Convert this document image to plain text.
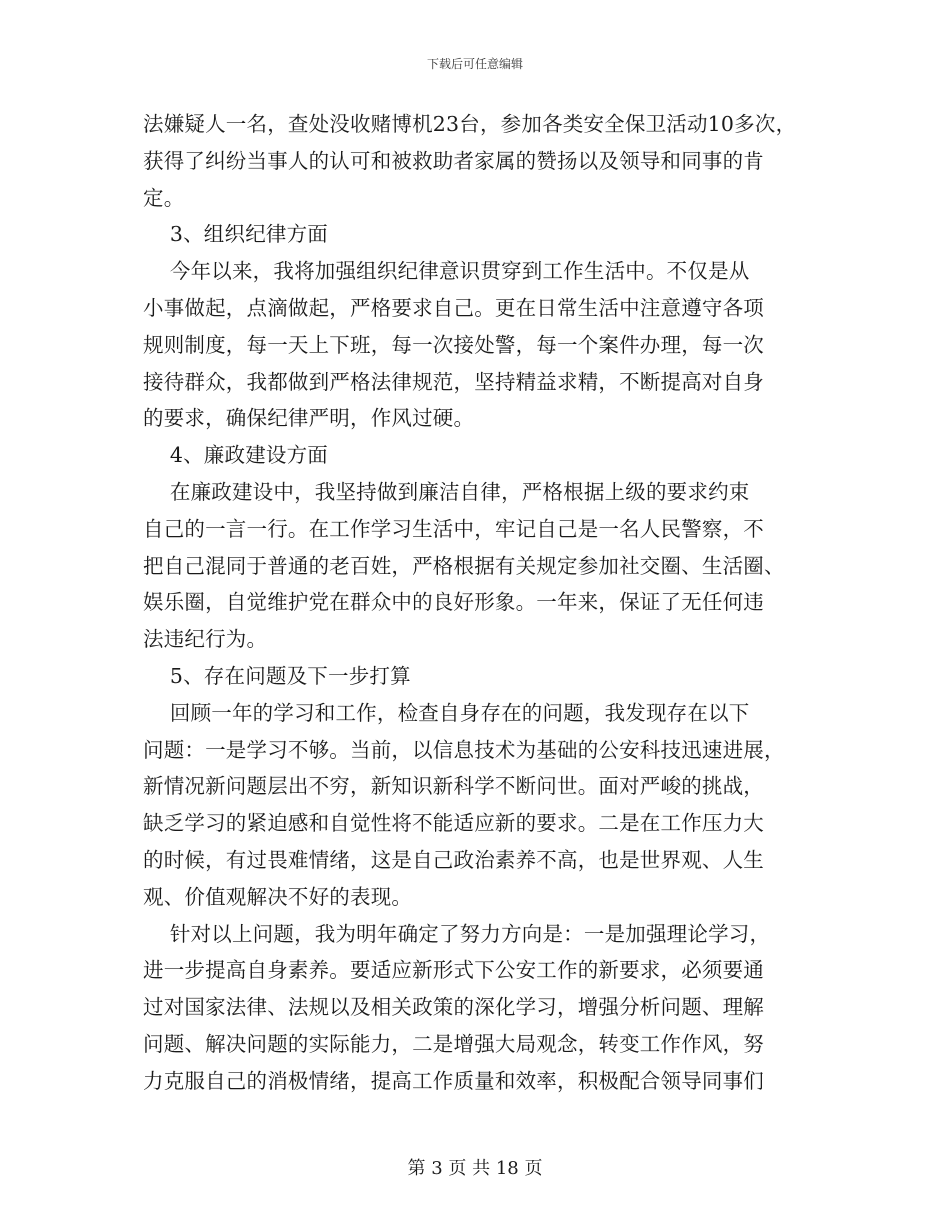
下载后可任意编辑
法嫌疑人一名，查处没收赌博机23台，参加各类安全保卫活动10多次，
获得了纠纷当事人的认可和被救助者家属的赞扬以及领导和同事的肯
定。
3、组织纪律方面
今年以来，我将加强组织纪律意识贯穿到工作生活中。不仅是从
小事做起，点滴做起，严格要求自己。更在日常生活中注意遵守各项
规则制度，每一天上下班，每一次接处警，每一个案件办理，每一次
接待群众，我都做到严格法律规范，坚持精益求精，不断提高对自身
的要求，确保纪律严明，作风过硬。
4、廉政建设方面
在廉政建设中，我坚持做到廉洁自律，严格根据上级的要求约束
自己的一言一行。在工作学习生活中，牢记自己是一名人民警察，不
把自己混同于普通的老百姓，严格根据有关规定参加社交圈、生活圈、
娱乐圈，自觉维护党在群众中的良好形象。一年来，保证了无任何违
法违纪行为。
5、存在问题及下一步打算
回顾一年的学习和工作，检查自身存在的问题，我发现存在以下
问题：一是学习不够。当前，以信息技术为基础的公安科技迅速进展，
新情况新问题层出不穷，新知识新科学不断问世。面对严峻的挑战，
缺乏学习的紧迫感和自觉性将不能适应新的要求。二是在工作压力大
的时候，有过畏难情绪，这是自己政治素养不高，也是世界观、人生
观、价值观解决不好的表现。
针对以上问题，我为明年确定了努力方向是：一是加强理论学习，
进一步提高自身素养。要适应新形式下公安工作的新要求，必须要通
过对国家法律、法规以及相关政策的深化学习，增强分析问题、理解
问题、解决问题的实际能力，二是增强大局观念，转变工作作风，努
力克服自己的消极情绪，提高工作质量和效率，积极配合领导同事们
第 3 页 共 18 页
